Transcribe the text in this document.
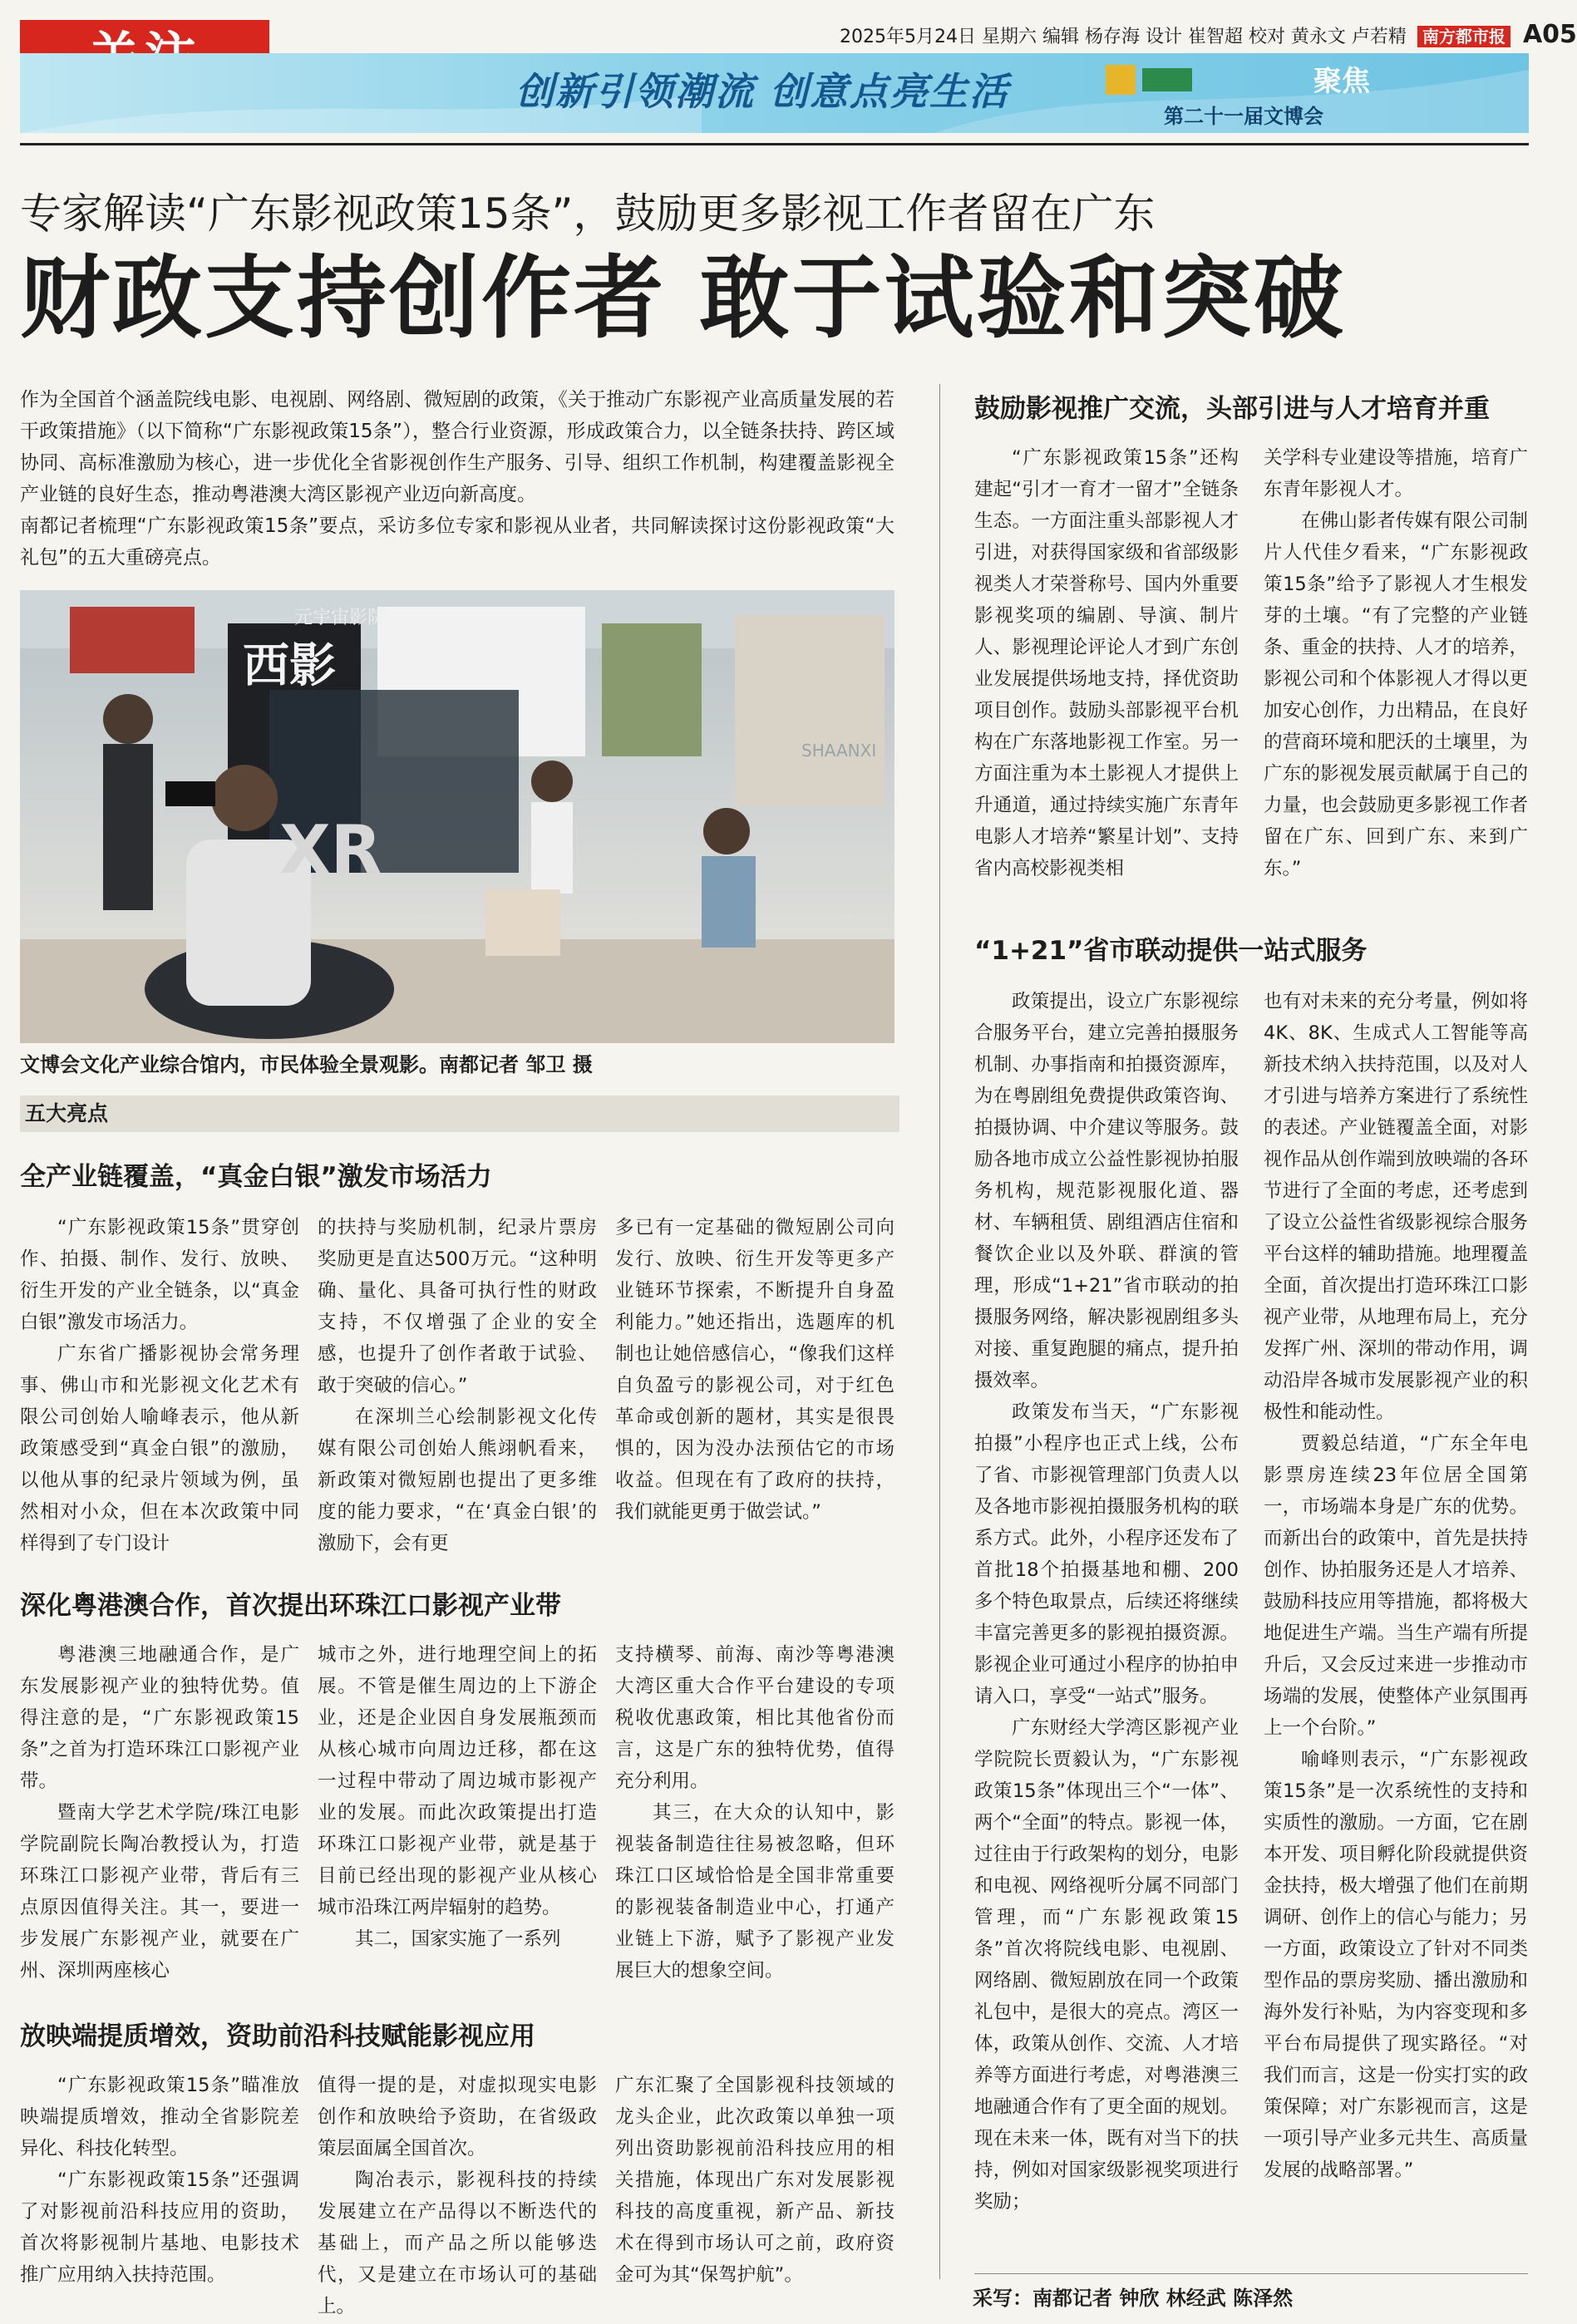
2025年5月24日 星期六 编辑 杨存海 设计 崔智超 校对 黄永文 卢若精 南方都市报 A05
创新引领潮流 创意点亮生活	聚焦
第二十一届文博会
专家解读“广东影视政策15条”，鼓励更多影视工作者留在广东
财政支持创作者 敢于试验和突破

作为全国首个涵盖院线电影、电视剧、网络剧、微短剧的政策，《关于推动广东影视产业高质量发展的若干政策措施》（以下简称“广东影视政策15条”），整合行业资源，形成政策合力，以全链条扶持、跨区域协同、高标准激励为核心，进一步优化全省影视创作生产服务、引导、组织工作机制，构建覆盖影视全产业链的良好生态，推动粤港澳大湾区影视产业迈向新高度。

南都记者梳理“广东影视政策15条”要点，采访多位专家和影视从业者，共同解读探讨这份影视政策“大礼包”的五大重磅亮点。

西影
XR
元宇宙影院
SHAANXI
文博会文化产业综合馆内，市民体验全景观影。南都记者 邹卫 摄
五大亮点
全产业链覆盖，“真金白银”激发市场活力

“广东影视政策15条”贯穿创作、拍摄、制作、发行、放映、衍生开发的产业全链条，以“真金白银”激发市场活力。

广东省广播影视协会常务理事、佛山市和光影视文化艺术有限公司创始人喻峰表示，他从新政策感受到“真金白银”的激励，以他从事的纪录片领域为例，虽然相对小众，但在本次政策中同样得到了专门设计

的扶持与奖励机制，纪录片票房奖励更是直达500万元。“这种明确、量化、具备可执行性的财政支持，不仅增强了企业的安全感，也提升了创作者敢于试验、敢于突破的信心。”

在深圳兰心绘制影视文化传媒有限公司创始人熊翊帆看来，新政策对微短剧也提出了更多维度的能力要求，“在‘真金白银’的激励下，会有更

多已有一定基础的微短剧公司向发行、放映、衍生开发等更多产业链环节探索，不断提升自身盈利能力。”她还指出，选题库的机制也让她倍感信心，“像我们这样自负盈亏的影视公司，对于红色革命或创新的题材，其实是很畏惧的，因为没办法预估它的市场收益。但现在有了政府的扶持，我们就能更勇于做尝试。”

深化粤港澳合作，首次提出环珠江口影视产业带

粤港澳三地融通合作，是广东发展影视产业的独特优势。值得注意的是，“广东影视政策15条”之首为打造环珠江口影视产业带。

暨南大学艺术学院/珠江电影学院副院长陶冶教授认为，打造环珠江口影视产业带，背后有三点原因值得关注。其一，要进一步发展广东影视产业，就要在广州、深圳两座核心

城市之外，进行地理空间上的拓展。不管是催生周边的上下游企业，还是企业因自身发展瓶颈而从核心城市向周边迁移，都在这一过程中带动了周边城市影视产业的发展。而此次政策提出打造环珠江口影视产业带，就是基于目前已经出现的影视产业从核心城市沿珠江两岸辐射的趋势。

其二，国家实施了一系列

支持横琴、前海、南沙等粤港澳大湾区重大合作平台建设的专项税收优惠政策，相比其他省份而言，这是广东的独特优势，值得充分利用。

其三，在大众的认知中，影视装备制造往往易被忽略，但环珠江口区域恰恰是全国非常重要的影视装备制造业中心，打通产业链上下游，赋予了影视产业发展巨大的想象空间。

放映端提质增效，资助前沿科技赋能影视应用

“广东影视政策15条”瞄准放映端提质增效，推动全省影院差异化、科技化转型。

“广东影视政策15条”还强调了对影视前沿科技应用的资助，首次将影视制片基地、电影技术推广应用纳入扶持范围。

值得一提的是，对虚拟现实电影创作和放映给予资助，在省级政策层面属全国首次。

陶冶表示，影视科技的持续发展建立在产品得以不断迭代的基础上，而产品之所以能够迭代，又是建立在市场认可的基础上。

广东汇聚了全国影视科技领域的龙头企业，此次政策以单独一项列出资助影视前沿科技应用的相关措施，体现出广东对发展影视科技的高度重视，新产品、新技术在得到市场认可之前，政府资金可为其“保驾护航”。

鼓励影视推广交流，头部引进与人才培育并重

“广东影视政策15条”还构建起“引才一育才一留才”全链条生态。一方面注重头部影视人才引进，对获得国家级和省部级影视类人才荣誉称号、国内外重要影视奖项的编剧、导演、制片人、影视理论评论人才到广东创业发展提供场地支持，择优资助项目创作。鼓励头部影视平台机构在广东落地影视工作室。另一方面注重为本土影视人才提供上升通道，通过持续实施广东青年电影人才培养“繁星计划”、支持省内高校影视类相

关学科专业建设等措施，培育广东青年影视人才。

在佛山影者传媒有限公司制片人代佳夕看来，“广东影视政策15条”给予了影视人才生根发芽的土壤。“有了完整的产业链条、重金的扶持、人才的培养，影视公司和个体影视人才得以更加安心创作，力出精品，在良好的营商环境和肥沃的土壤里，为广东的影视发展贡献属于自己的力量，也会鼓励更多影视工作者留在广东、回到广东、来到广东。”

“1+21”省市联动提供一站式服务

政策提出，设立广东影视综合服务平台，建立完善拍摄服务机制、办事指南和拍摄资源库，为在粤剧组免费提供政策咨询、拍摄协调、中介建议等服务。鼓励各地市成立公益性影视协拍服务机构，规范影视服化道、器材、车辆租赁、剧组酒店住宿和餐饮企业以及外联、群演的管理，形成“1+21”省市联动的拍摄服务网络，解决影视剧组多头对接、重复跑腿的痛点，提升拍摄效率。

政策发布当天，“广东影视拍摄”小程序也正式上线，公布了省、市影视管理部门负责人以及各地市影视拍摄服务机构的联系方式。此外，小程序还发布了首批18个拍摄基地和棚、200多个特色取景点，后续还将继续丰富完善更多的影视拍摄资源。影视企业可通过小程序的协拍申请入口，享受“一站式”服务。

广东财经大学湾区影视产业学院院长贾毅认为，“广东影视政策15条”体现出三个“一体”、两个“全面”的特点。影视一体，过往由于行政架构的划分，电影和电视、网络视听分属不同部门管理，而“广东影视政策15条”首次将院线电影、电视剧、网络剧、微短剧放在同一个政策礼包中，是很大的亮点。湾区一体，政策从创作、交流、人才培养等方面进行考虑，对粤港澳三地融通合作有了更全面的规划。现在未来一体，既有对当下的扶持，例如对国家级影视奖项进行奖励；

也有对未来的充分考量，例如将4K、8K、生成式人工智能等高新技术纳入扶持范围，以及对人才引进与培养方案进行了系统性的表述。产业链覆盖全面，对影视作品从创作端到放映端的各环节进行了全面的考虑，还考虑到了设立公益性省级影视综合服务平台这样的辅助措施。地理覆盖全面，首次提出打造环珠江口影视产业带，从地理布局上，充分发挥广州、深圳的带动作用，调动沿岸各城市发展影视产业的积极性和能动性。

贾毅总结道，“广东全年电影票房连续23年位居全国第一，市场端本身是广东的优势。而新出台的政策中，首先是扶持创作、协拍服务还是人才培养、鼓励科技应用等措施，都将极大地促进生产端。当生产端有所提升后，又会反过来进一步推动市场端的发展，使整体产业氛围再上一个台阶。”

喻峰则表示，“广东影视政策15条”是一次系统性的支持和实质性的激励。一方面，它在剧本开发、项目孵化阶段就提供资金扶持，极大增强了他们在前期调研、创作上的信心与能力；另一方面，政策设立了针对不同类型作品的票房奖励、播出激励和海外发行补贴，为内容变现和多平台布局提供了现实路径。“对我们而言，这是一份实打实的政策保障；对广东影视而言，这是一项引导产业多元共生、高质量发展的战略部署。”

采写：南都记者 钟欣 林经武 陈泽然
